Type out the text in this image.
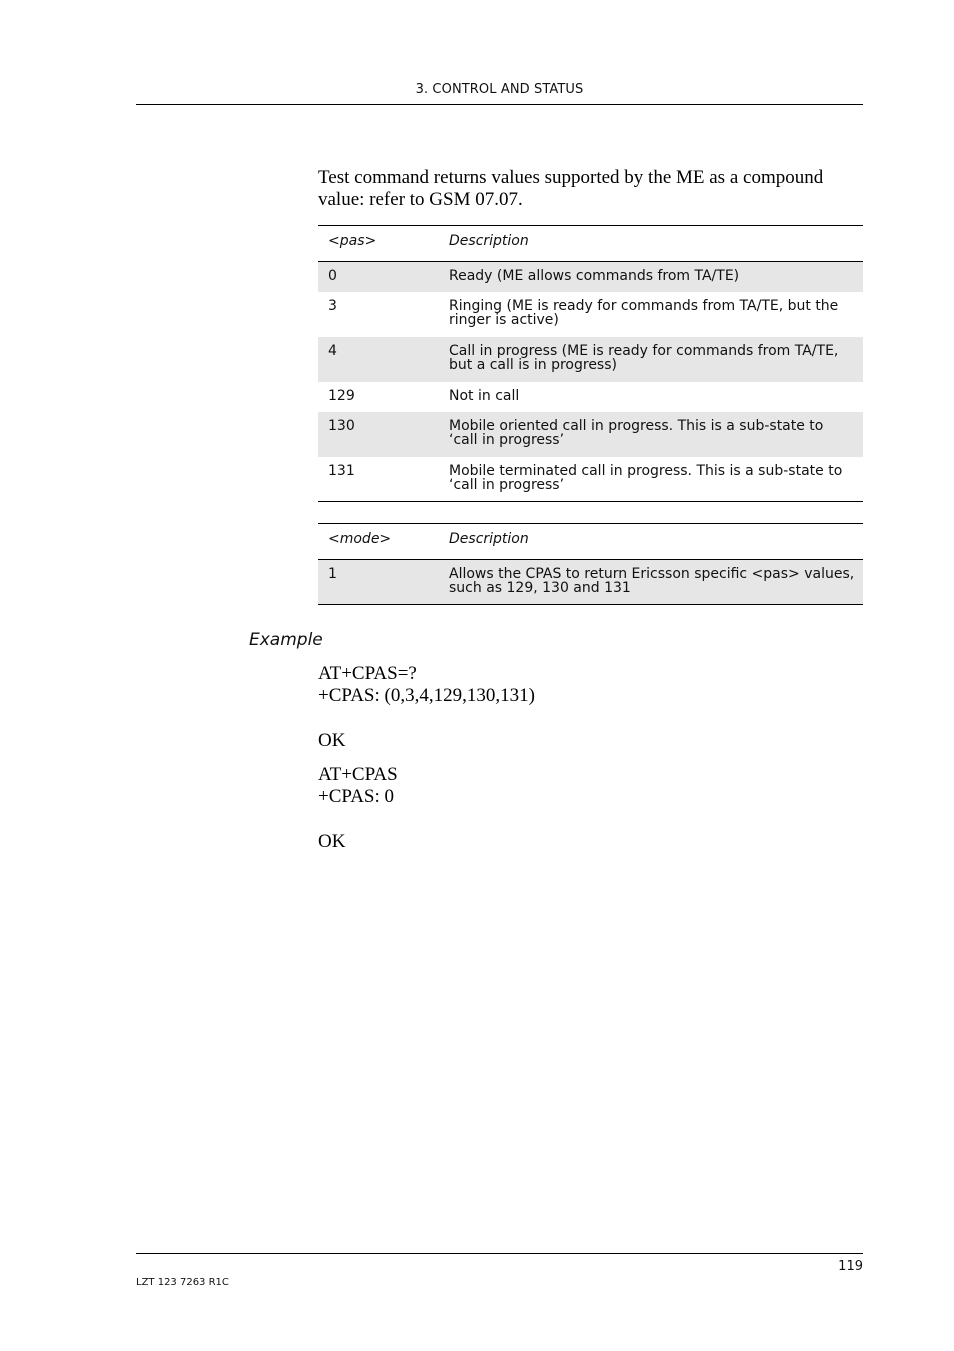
3. CONTROL AND STATUS
Test command returns values supported by the ME as a compound value: refer to GSM 07.07.
<pas>	Description
0	Ready (ME allows commands from TA/TE)
3	Ringing (ME is ready for commands from TA/TE, but the ringer is active)
4	Call in progress (ME is ready for commands from TA/TE, but a call is in progress)
129	Not in call
130	Mobile oriented call in progress. This is a sub-state to ‘call in progress’
131	Mobile terminated call in progress. This is a sub-state to ‘call in progress’
<mode>	Description
1	Allows the CPAS to return Ericsson specific <pas> values, such as 129, 130 and 131
Example
AT+CPAS=?
+CPAS: (0,3,4,129,130,131)
OK
AT+CPAS
+CPAS: 0
OK
119
LZT 123 7263 R1C
